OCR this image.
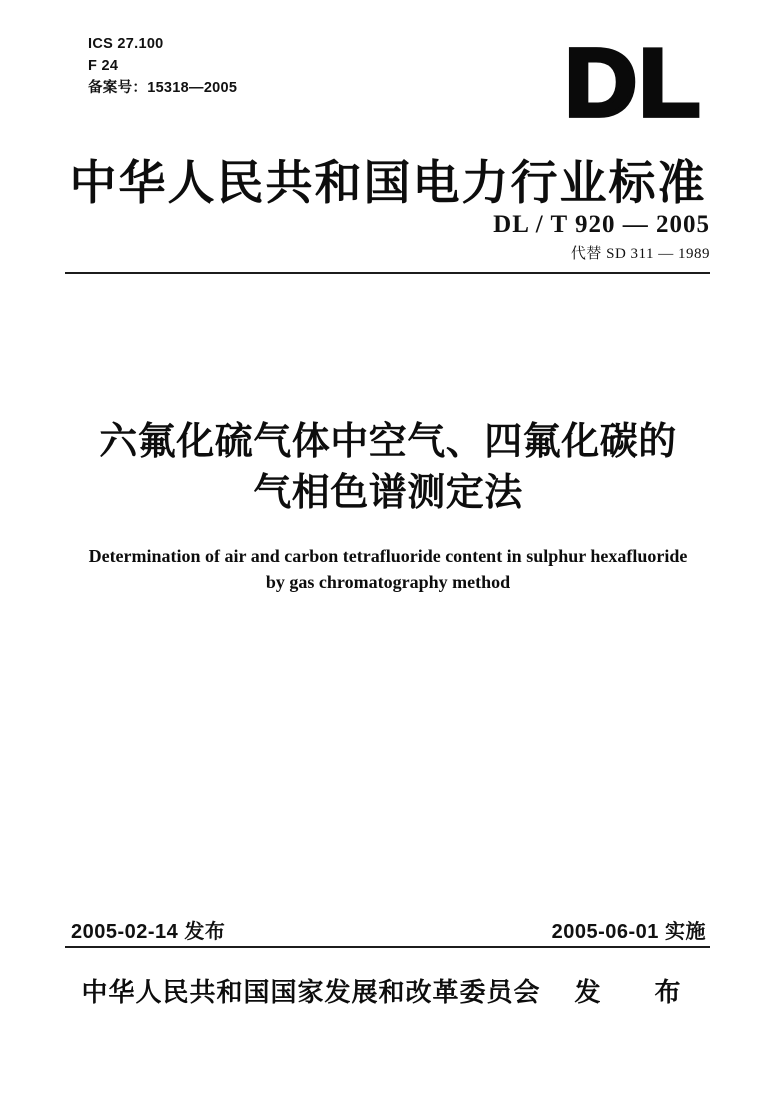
ICS 27.100
F 24
备案号：15318—2005	DL
中华人民共和国电力行业标准
DL / T 920 — 2005
代替 SD 311 — 1989
六氟化硫气体中空气、四氟化碳的
气相色谱测定法
Determination of air and carbon tetrafluoride content in sulphur hexafluoride
by gas chromatography method
2005-02-14 发布	2005-06-01 实施
中华人民共和国国家发展和改革委员会 发　布
